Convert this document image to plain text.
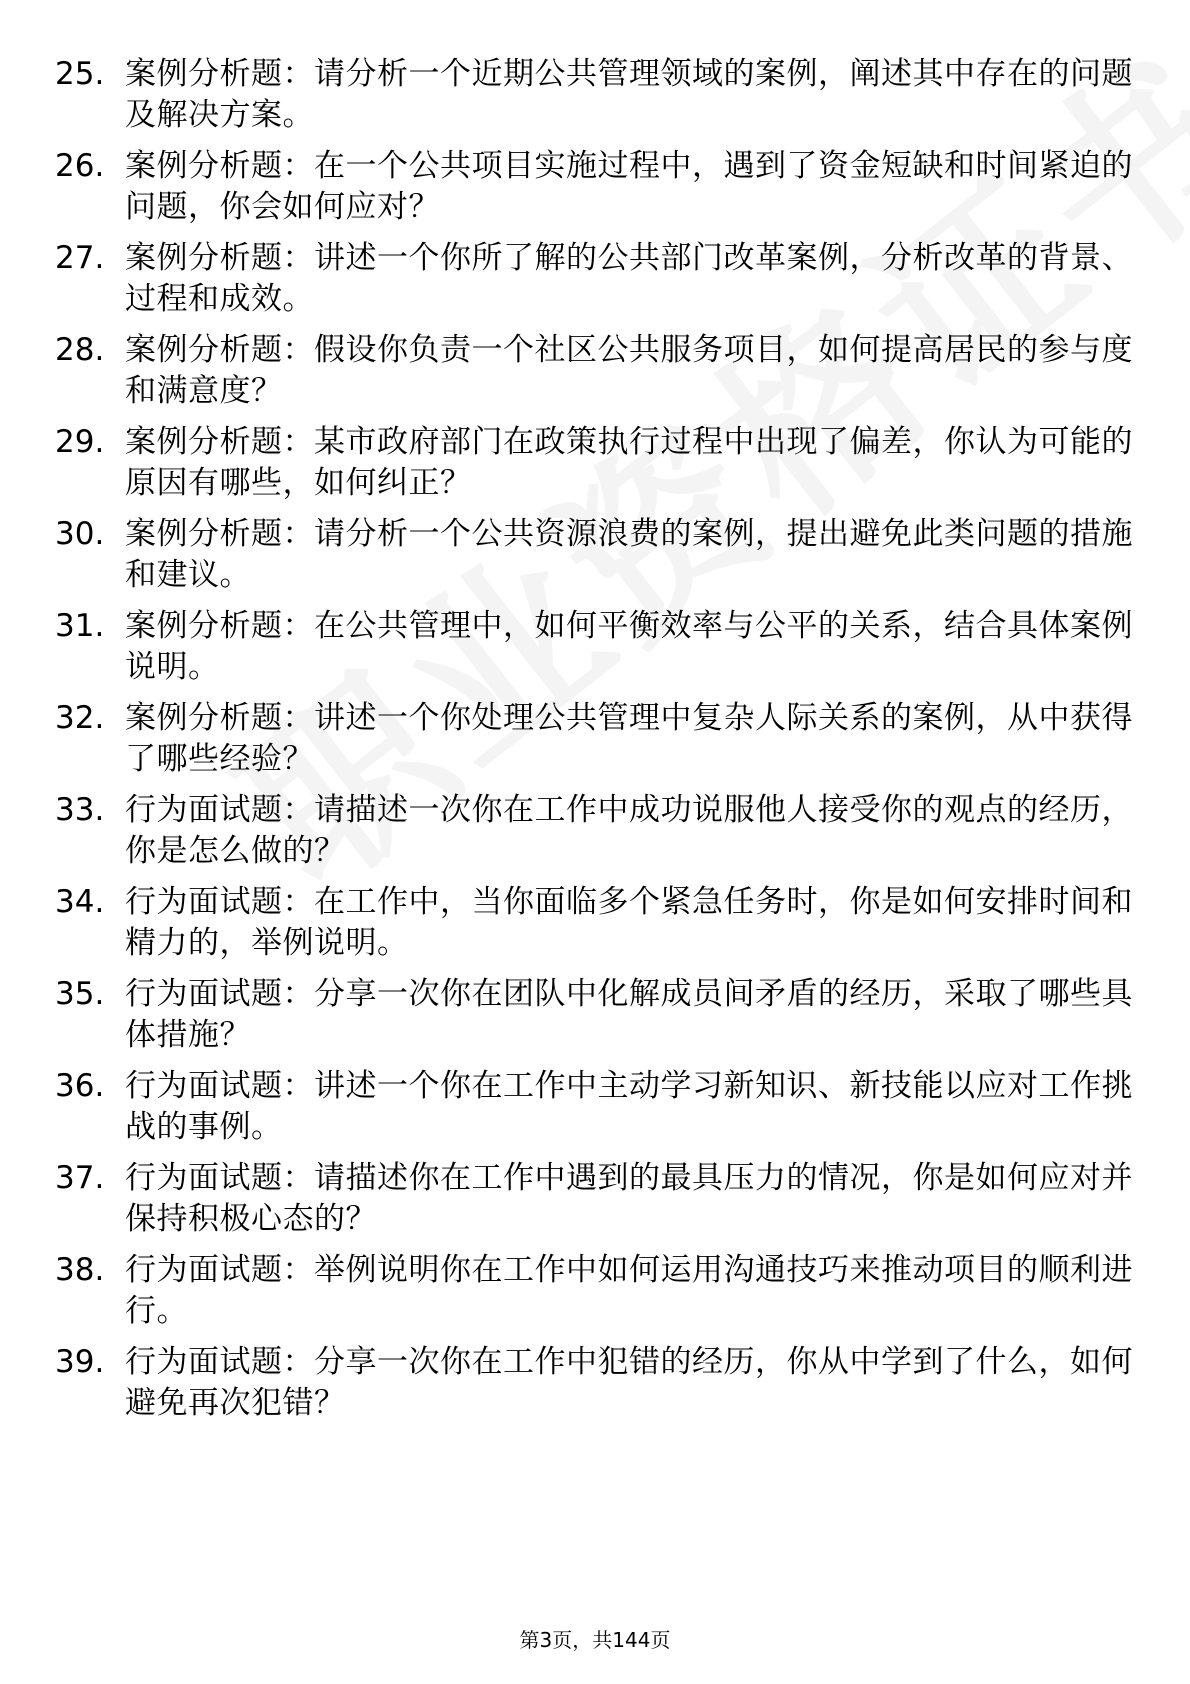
25. 案例分析题：请分析一个近期公共管理领域的案例，阐述其中存在的问题及解决方案。
26. 案例分析题：在一个公共项目实施过程中，遇到了资金短缺和时间紧迫的问题，你会如何应对？
27. 案例分析题：讲述一个你所了解的公共部门改革案例，分析改革的背景、过程和成效。
28. 案例分析题：假设你负责一个社区公共服务项目，如何提高居民的参与度和满意度？
29. 案例分析题：某市政府部门在政策执行过程中出现了偏差，你认为可能的原因有哪些，如何纠正？
30. 案例分析题：请分析一个公共资源浪费的案例，提出避免此类问题的措施和建议。
31. 案例分析题：在公共管理中，如何平衡效率与公平的关系，结合具体案例说明。
32. 案例分析题：讲述一个你处理公共管理中复杂人际关系的案例，从中获得了哪些经验？
33. 行为面试题：请描述一次你在工作中成功说服他人接受你的观点的经历，你是怎么做的？
34. 行为面试题：在工作中，当你面临多个紧急任务时，你是如何安排时间和精力的，举例说明。
35. 行为面试题：分享一次你在团队中化解成员间矛盾的经历，采取了哪些具体措施？
36. 行为面试题：讲述一个你在工作中主动学习新知识、新技能以应对工作挑战的事例。
37. 行为面试题：请描述你在工作中遇到的最具压力的情况，你是如何应对并保持积极心态的？
38. 行为面试题：举例说明你在工作中如何运用沟通技巧来推动项目的顺利进行。
39. 行为面试题：分享一次你在工作中犯错的经历，你从中学到了什么，如何避免再次犯错？
第3页，共144页
